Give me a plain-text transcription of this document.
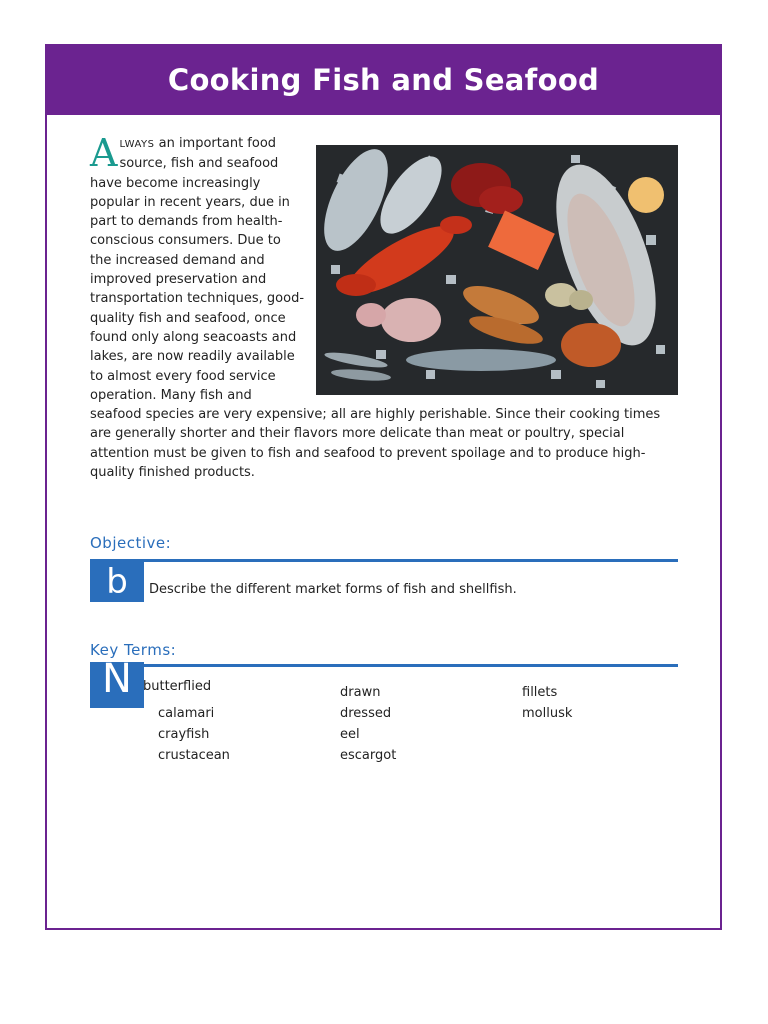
Cooking Fish and Seafood
ALWAYS an important food source, fish and seafood have become increasingly popular in recent years, due in part to demands from health-conscious consumers. Due to the increased demand and improved preservation and transportation techniques, good-quality fish and seafood, once found only along seacoasts and lakes, are now readily available to almost every food service operation. Many fish and seafood species are very expensive; all are highly perishable. Since their cooking times are generally shorter and their flavors more delicate than meat or poultry, special attention must be given to fish and seafood to prevent spoilage and to produce high-quality finished products.
Objective:
b	Describe the different market forms of fish and shellfish.
Key Terms:
N butterflied
calamari
crayfish
crustacean
drawn
dressed
eel
escargot
fillets
mollusk
